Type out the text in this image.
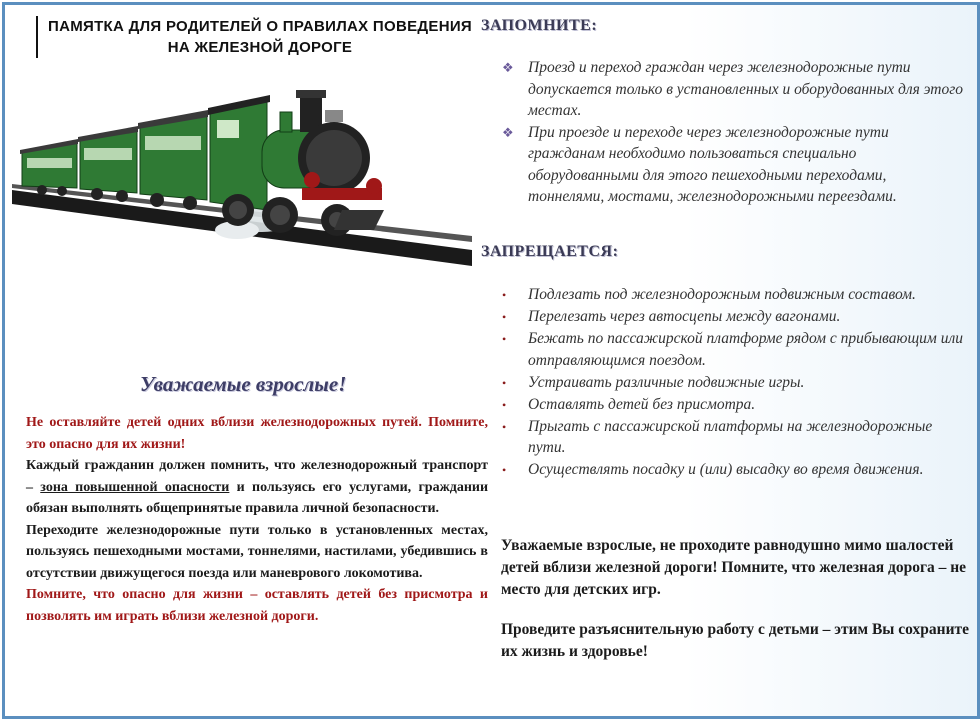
ПАМЯТКА ДЛЯ РОДИТЕЛЕЙ О ПРАВИЛАХ ПОВЕДЕНИЯ
НА ЖЕЛЕЗНОЙ ДОРОГЕ
Уважаемые взрослые!

Не оставляйте детей одних вблизи железнодорожных путей. Помните, это опасно для их жизни!

Каждый гражданин должен помнить, что железнодорожный транспорт – зона повышенной опасности и пользуясь его услугами, граждании обязан выполнять общепринятые правила личной безопасности.

Переходите железнодорожные пути только в установленных местах, пользуясь пешеходными мостами, тоннелями, настилами, убедившись в отсутствии движущегося поезда или маневрового локомотива.

Помните, что опасно для жизни – оставлять детей без присмотра и позволять им играть вблизи железной дороги.

ЗАПОМНИТЕ:
❖ Проезд и переход граждан через железнодорожные пути допускается только в установленных и оборудованных для этого местах.
❖ При проезде и переходе через железнодорожные пути гражданам необходимо пользоваться специально оборудованными для этого пешеходными переходами, тоннелями, мостами, железнодорожными переездами.
ЗАПРЕЩАЕТСЯ:
• Подлезать под железнодорожным подвижным составом.
• Перелезать через автосцепы между вагонами.
• Бежать по пассажирской платформе рядом с прибывающим или отправляющимся поездом.
• Устраивать различные подвижные игры.
• Оставлять детей без присмотра.
• Прыгать с пассажирской платформы на железнодорожные пути.
• Осуществлять посадку и (или) высадку во время движения.

Уважаемые взрослые, не проходите равнодушно мимо шалостей детей вблизи железной дороги! Помните, что железная дорога – не место для детских игр.

Проведите разъяснительную работу с детьми – этим Вы сохраните их жизнь и здоровье!
